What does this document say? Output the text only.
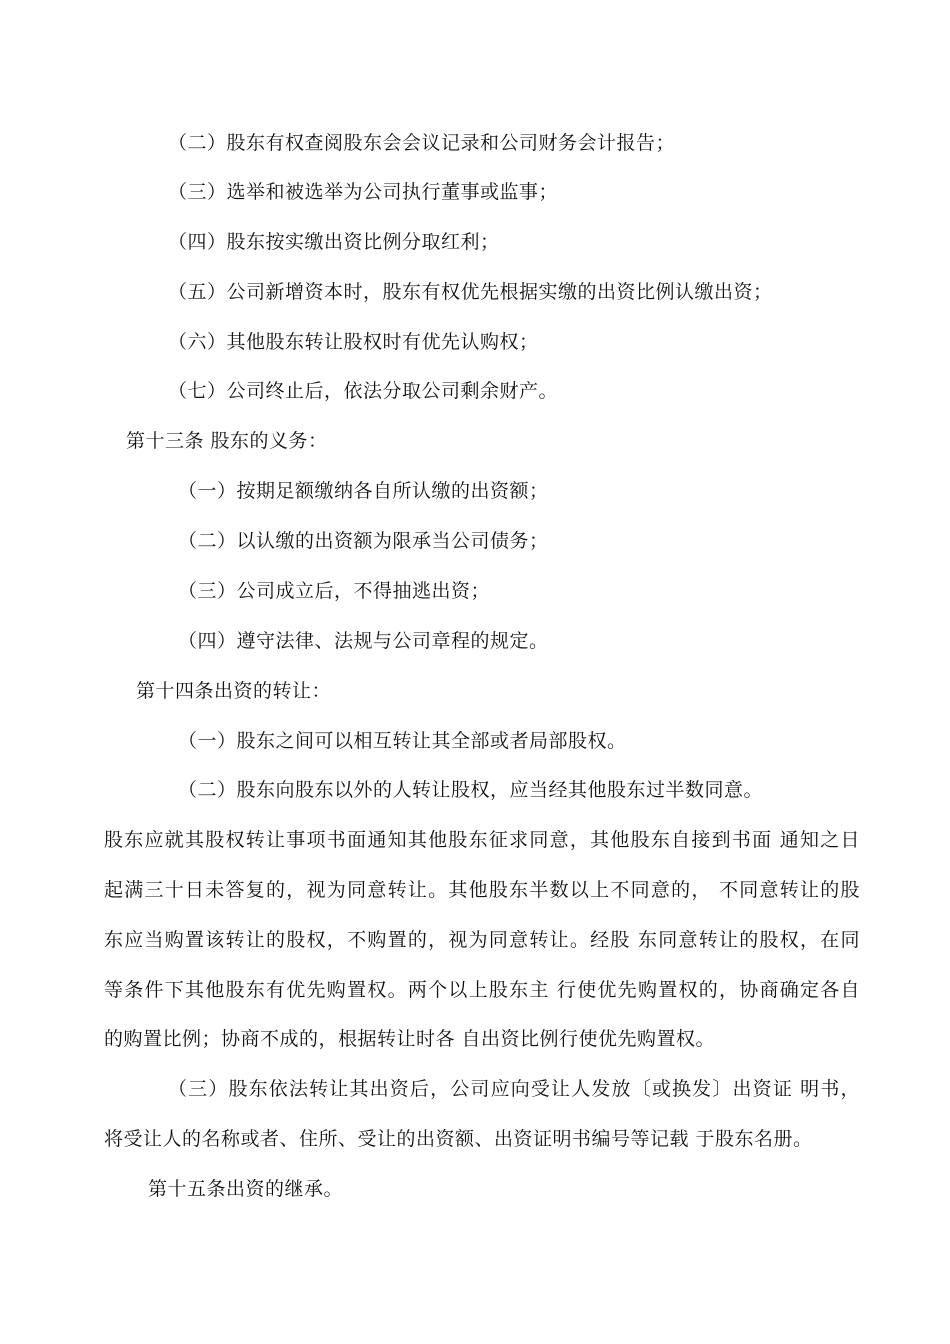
（二）股东有权查阅股东会会议记录和公司财务会计报告；
（三）选举和被选举为公司执行董事或监事；
（四）股东按实缴出资比例分取红利；
（五）公司新增资本时，股东有权优先根据实缴的出资比例认缴出资；
（六）其他股东转让股权时有优先认购权；
（七）公司终止后，依法分取公司剩余财产。
第十三条 股东的义务：
（一）按期足额缴纳各自所认缴的出资额；
（二）以认缴的出资额为限承当公司债务；
（三）公司成立后，不得抽逃出资；
（四）遵守法律、法规与公司章程的规定。
第十四条出资的转让：
（一）股东之间可以相互转让其全部或者局部股权。
（二）股东向股东以外的人转让股权，应当经其他股东过半数同意。
股东应就其股权转让事项书面通知其他股东征求同意，其他股东自接到书面 通知之日
起满三十日未答复的，视为同意转让。其他股东半数以上不同意的， 不同意转让的股
东应当购置该转让的股权，不购置的，视为同意转让。经股 东同意转让的股权，在同
等条件下其他股东有优先购置权。两个以上股东主 行使优先购置权的，协商确定各自
的购置比例；协商不成的，根据转让时各 自出资比例行使优先购置权。
（三）股东依法转让其出资后，公司应向受让人发放〔或换发〕出资证 明书，
将受让人的名称或者、住所、受让的出资额、出资证明书编号等记载 于股东名册。
第十五条出资的继承。
